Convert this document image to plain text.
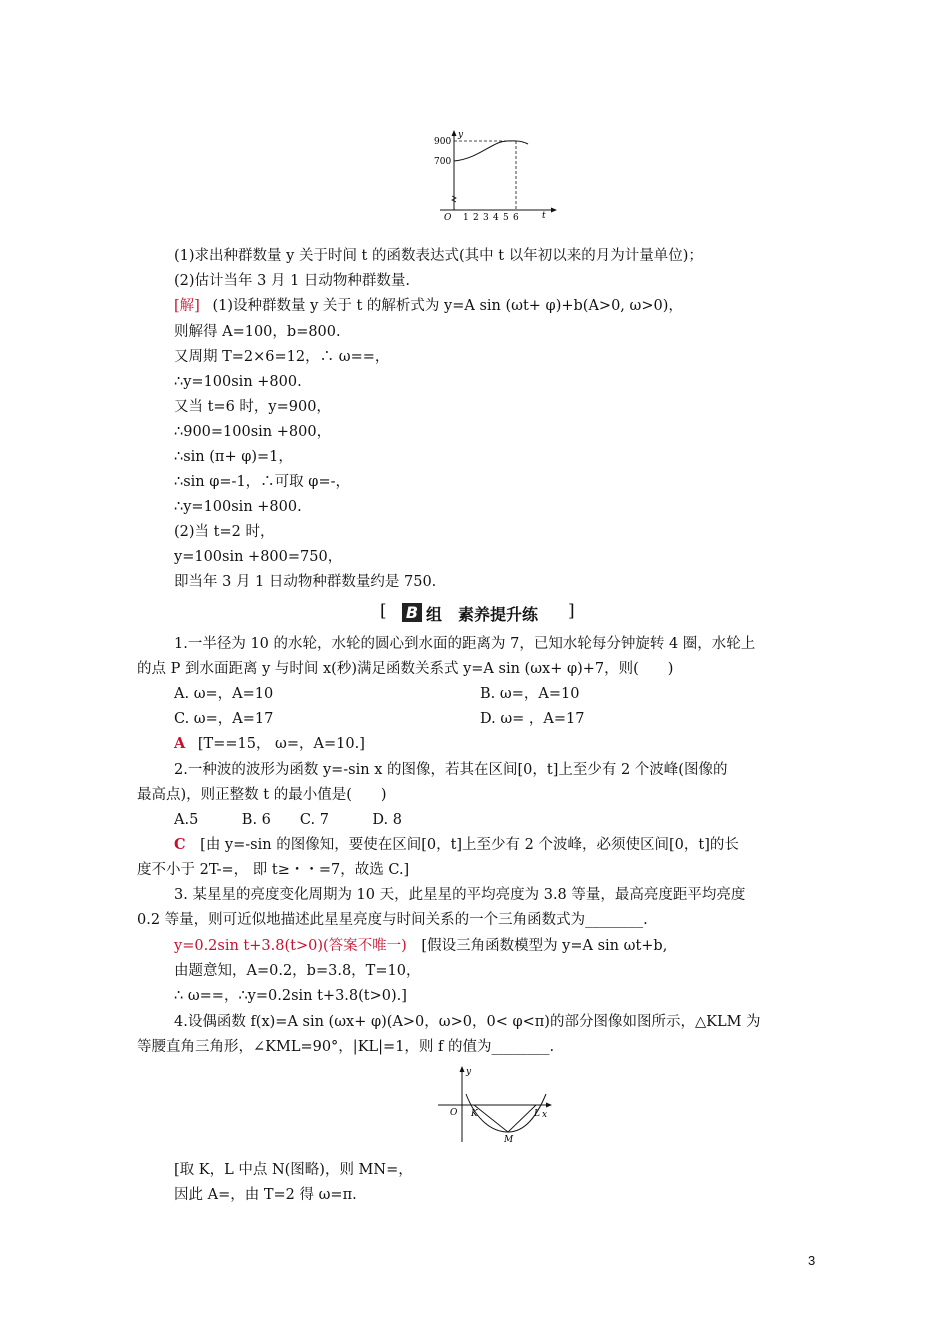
y
t
O
900
700
1 2 3 4 5 6
(1)求出种群数量 y 关于时间 t 的函数表达式(其中 t 以年初以来的月为计量单位)；
(2)估计当年 3 月 1 日动物种群数量.
[解] (1)设种群数量 y 关于 t 的解析式为 y=A sin (ωt+ φ)+b(A>0, ω>0)，
则解得 A=100，b=800.
又周期 T=2×6=12，∴ ω==，
∴y=100sin +800.
又当 t=6 时，y=900，
∴900=100sin +800，
∴sin (π+ φ)=1，
∴sin φ=-1，∴可取 φ=-，
∴y=100sin +800.
(2)当 t=2 时，
y=100sin +800=750，
即当年 3 月 1 日动物种群数量约是 750.
[ B 组　素养提升练 ]
1.一半径为 10 的水轮，水轮的圆心到水面的距离为 7，已知水轮每分钟旋转 4 圈，水轮上
的点 P 到水面距离 y 与时间 x(秒)满足函数关系式 y=A sin (ωx+ φ)+7，则(　　)
A. ω=，A=10	B. ω=，A=10
C. ω=，A=17	D. ω= ，A=17
A [T==15， ω=，A=10.]
2.一种波的波形为函数 y=-sin x 的图像，若其在区间[0，t]上至少有 2 个波峰(图像的
最高点)，则正整数 t 的最小值是(　　)
A.5　　　B. 6　　C. 7　　　D. 8
C [由 y=-sin 的图像知，要使在区间[0，t]上至少有 2 个波峰，必须使区间[0，t]的长
度不小于 2T-=， 即 t≥・・=7，故选 C.]
3. 某星星的亮度变化周期为 10 天，此星星的平均亮度为 3.8 等量，最高亮度距平均亮度
0.2 等量，则可近似地描述此星星亮度与时间关系的一个三角函数式为________.
y=0.2sin t+3.8(t>0)(答案不唯一) [假设三角函数模型为 y=A sin ωt+b,
由题意知，A=0.2，b=3.8，T=10，
∴ ω==，∴y=0.2sin t+3.8(t>0).]
4.设偶函数 f(x)=A sin (ωx+ φ)(A>0，ω>0，0< φ<π)的部分图像如图所示，△KLM 为
等腰直角三角形，∠KML=90°，|KL|=1，则 f 的值为________.
y
x
O K	L
M
[取 K，L 中点 N(图略)，则 MN=，
因此 A=，由 T=2 得 ω=π.
3
